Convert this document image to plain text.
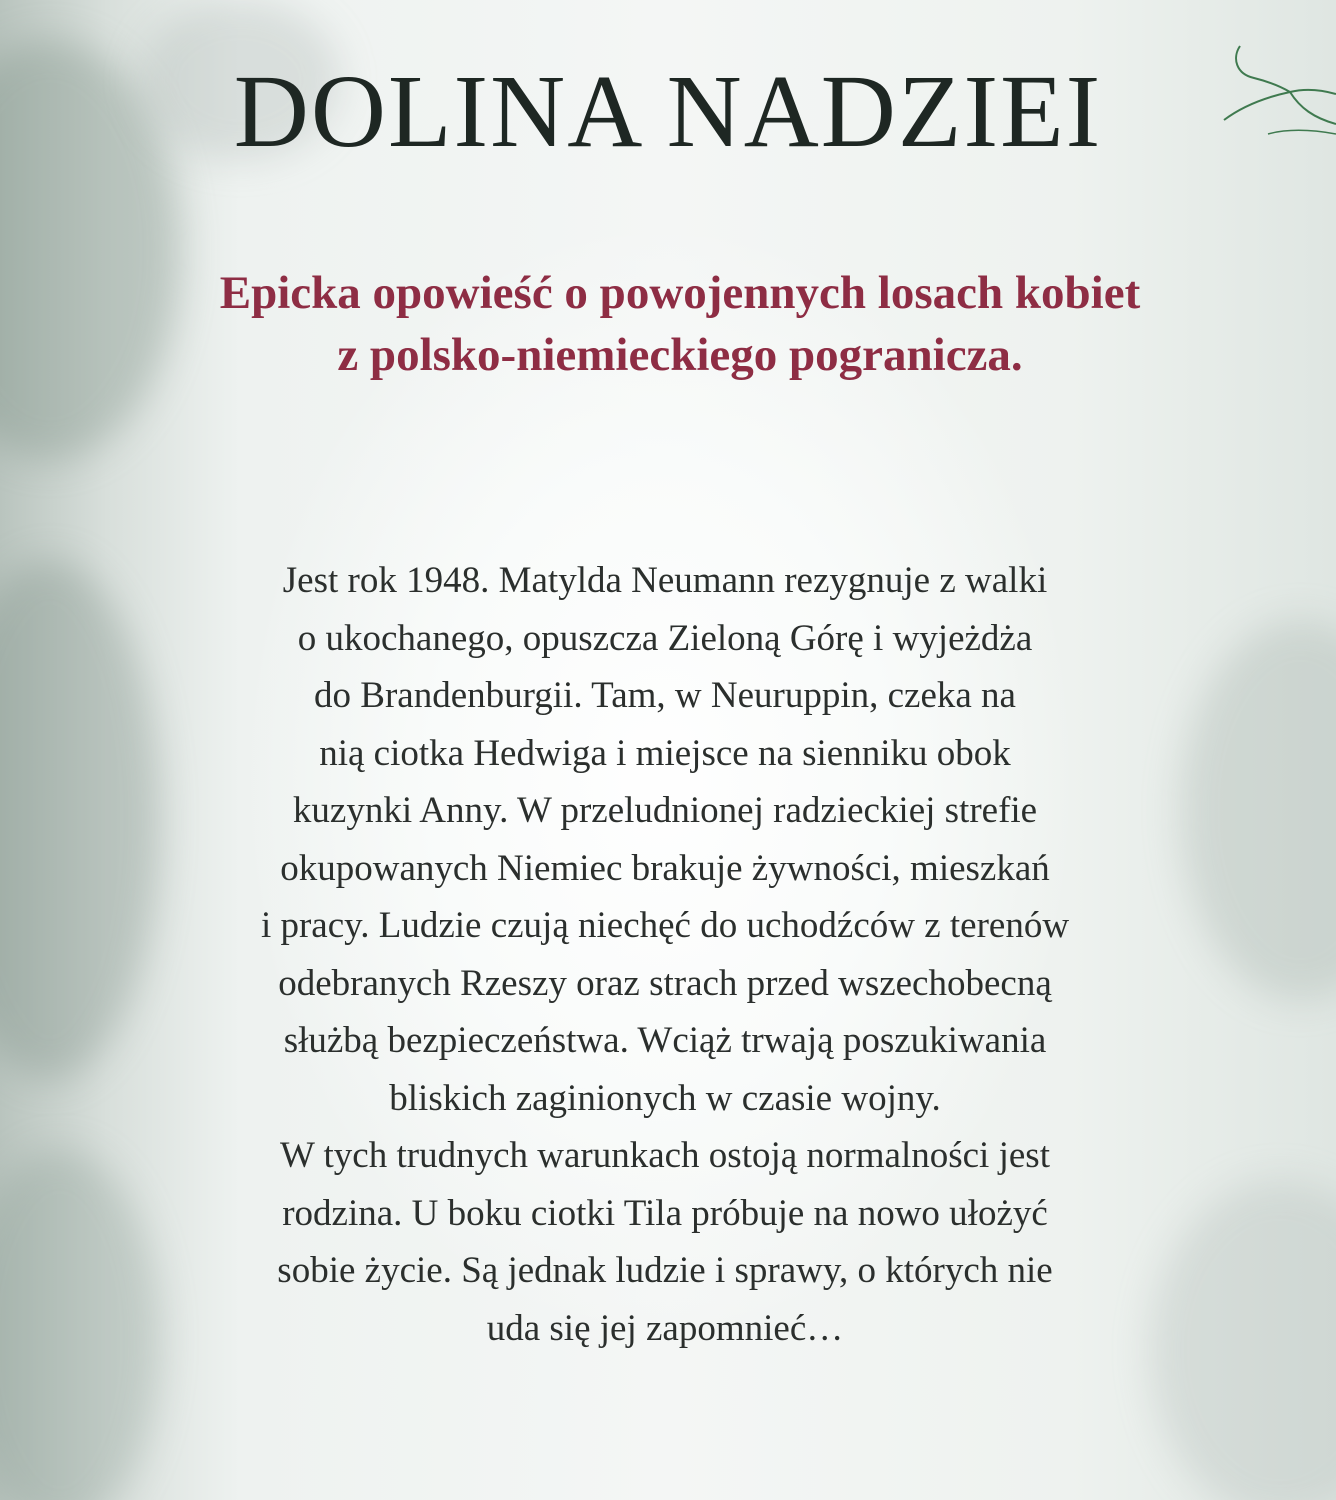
DOLINA NADZIEI

Epicka opowieść o powojennych losach kobiet
z polsko-niemieckiego pogranicza.

Jest rok 1948. Matylda Neumann rezygnuje z walki
o ukochanego, opuszcza Zieloną Górę i wyjeżdża
do Brandenburgii. Tam, w Neuruppin, czeka na
nią ciotka Hedwiga i miejsce na sienniku obok
kuzynki Anny. W przeludnionej radzieckiej strefie
okupowanych Niemiec brakuje żywności, mieszkań
i pracy. Ludzie czują niechęć do uchodźców z terenów
odebranych Rzeszy oraz strach przed wszechobecną
służbą bezpieczeństwa. Wciąż trwają poszukiwania
bliskich zaginionych w czasie wojny.
W tych trudnych warunkach ostoją normalności jest
rodzina. U boku ciotki Tila próbuje na nowo ułożyć
sobie życie. Są jednak ludzie i sprawy, o których nie
uda się jej zapomnieć…
